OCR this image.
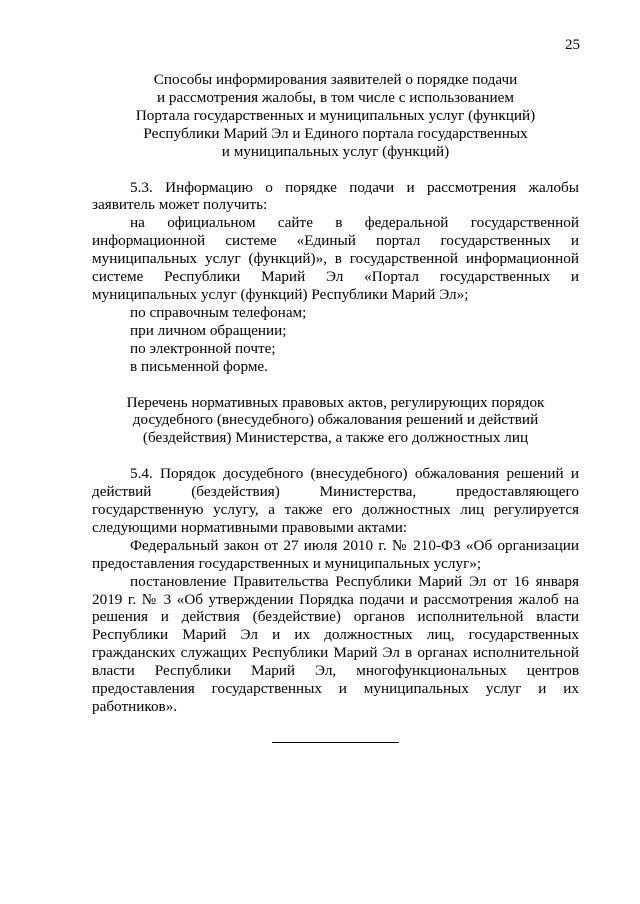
25
Способы информирования заявителей о порядке подачи
и рассмотрения жалобы, в том числе с использованием
Портала государственных и муниципальных услуг (функций)
Республики Марий Эл и Единого портала государственных
и муниципальных услуг (функций)

5.3. Информацию о порядке подачи и рассмотрения жалобы заявитель может получить:

на официальном сайте в федеральной государственной информационной системе «Единый портал государственных и муниципальных услуг (функций)», в государственной информационной системе Республики Марий Эл «Портал государственных и муниципальных услуг (функций) Республики Марий Эл»;

по справочным телефонам;

при личном обращении;

по электронной почте;

в письменной форме.

Перечень нормативных правовых актов, регулирующих порядок
досудебного (внесудебного) обжалования решений и действий
(бездействия) Министерства, а также его должностных лиц

5.4. Порядок досудебного (внесудебного) обжалования решений и действий (бездействия) Министерства, предоставляющего государственную услугу, а также его должностных лиц регулируется следующими нормативными правовыми актами:

Федеральный закон от 27 июля 2010 г. № 210-ФЗ «Об организации предоставления государственных и муниципальных услуг»;

постановление Правительства Республики Марий Эл от 16 января 2019 г. № 3 «Об утверждении Порядка подачи и рассмотрения жалоб на решения и действия (бездействие) органов исполнительной власти Республики Марий Эл и их должностных лиц, государственных гражданских служащих Республики Марий Эл в органах исполнительной власти Республики Марий Эл, многофункциональных центров предоставления государственных и муниципальных услуг и их работников».
